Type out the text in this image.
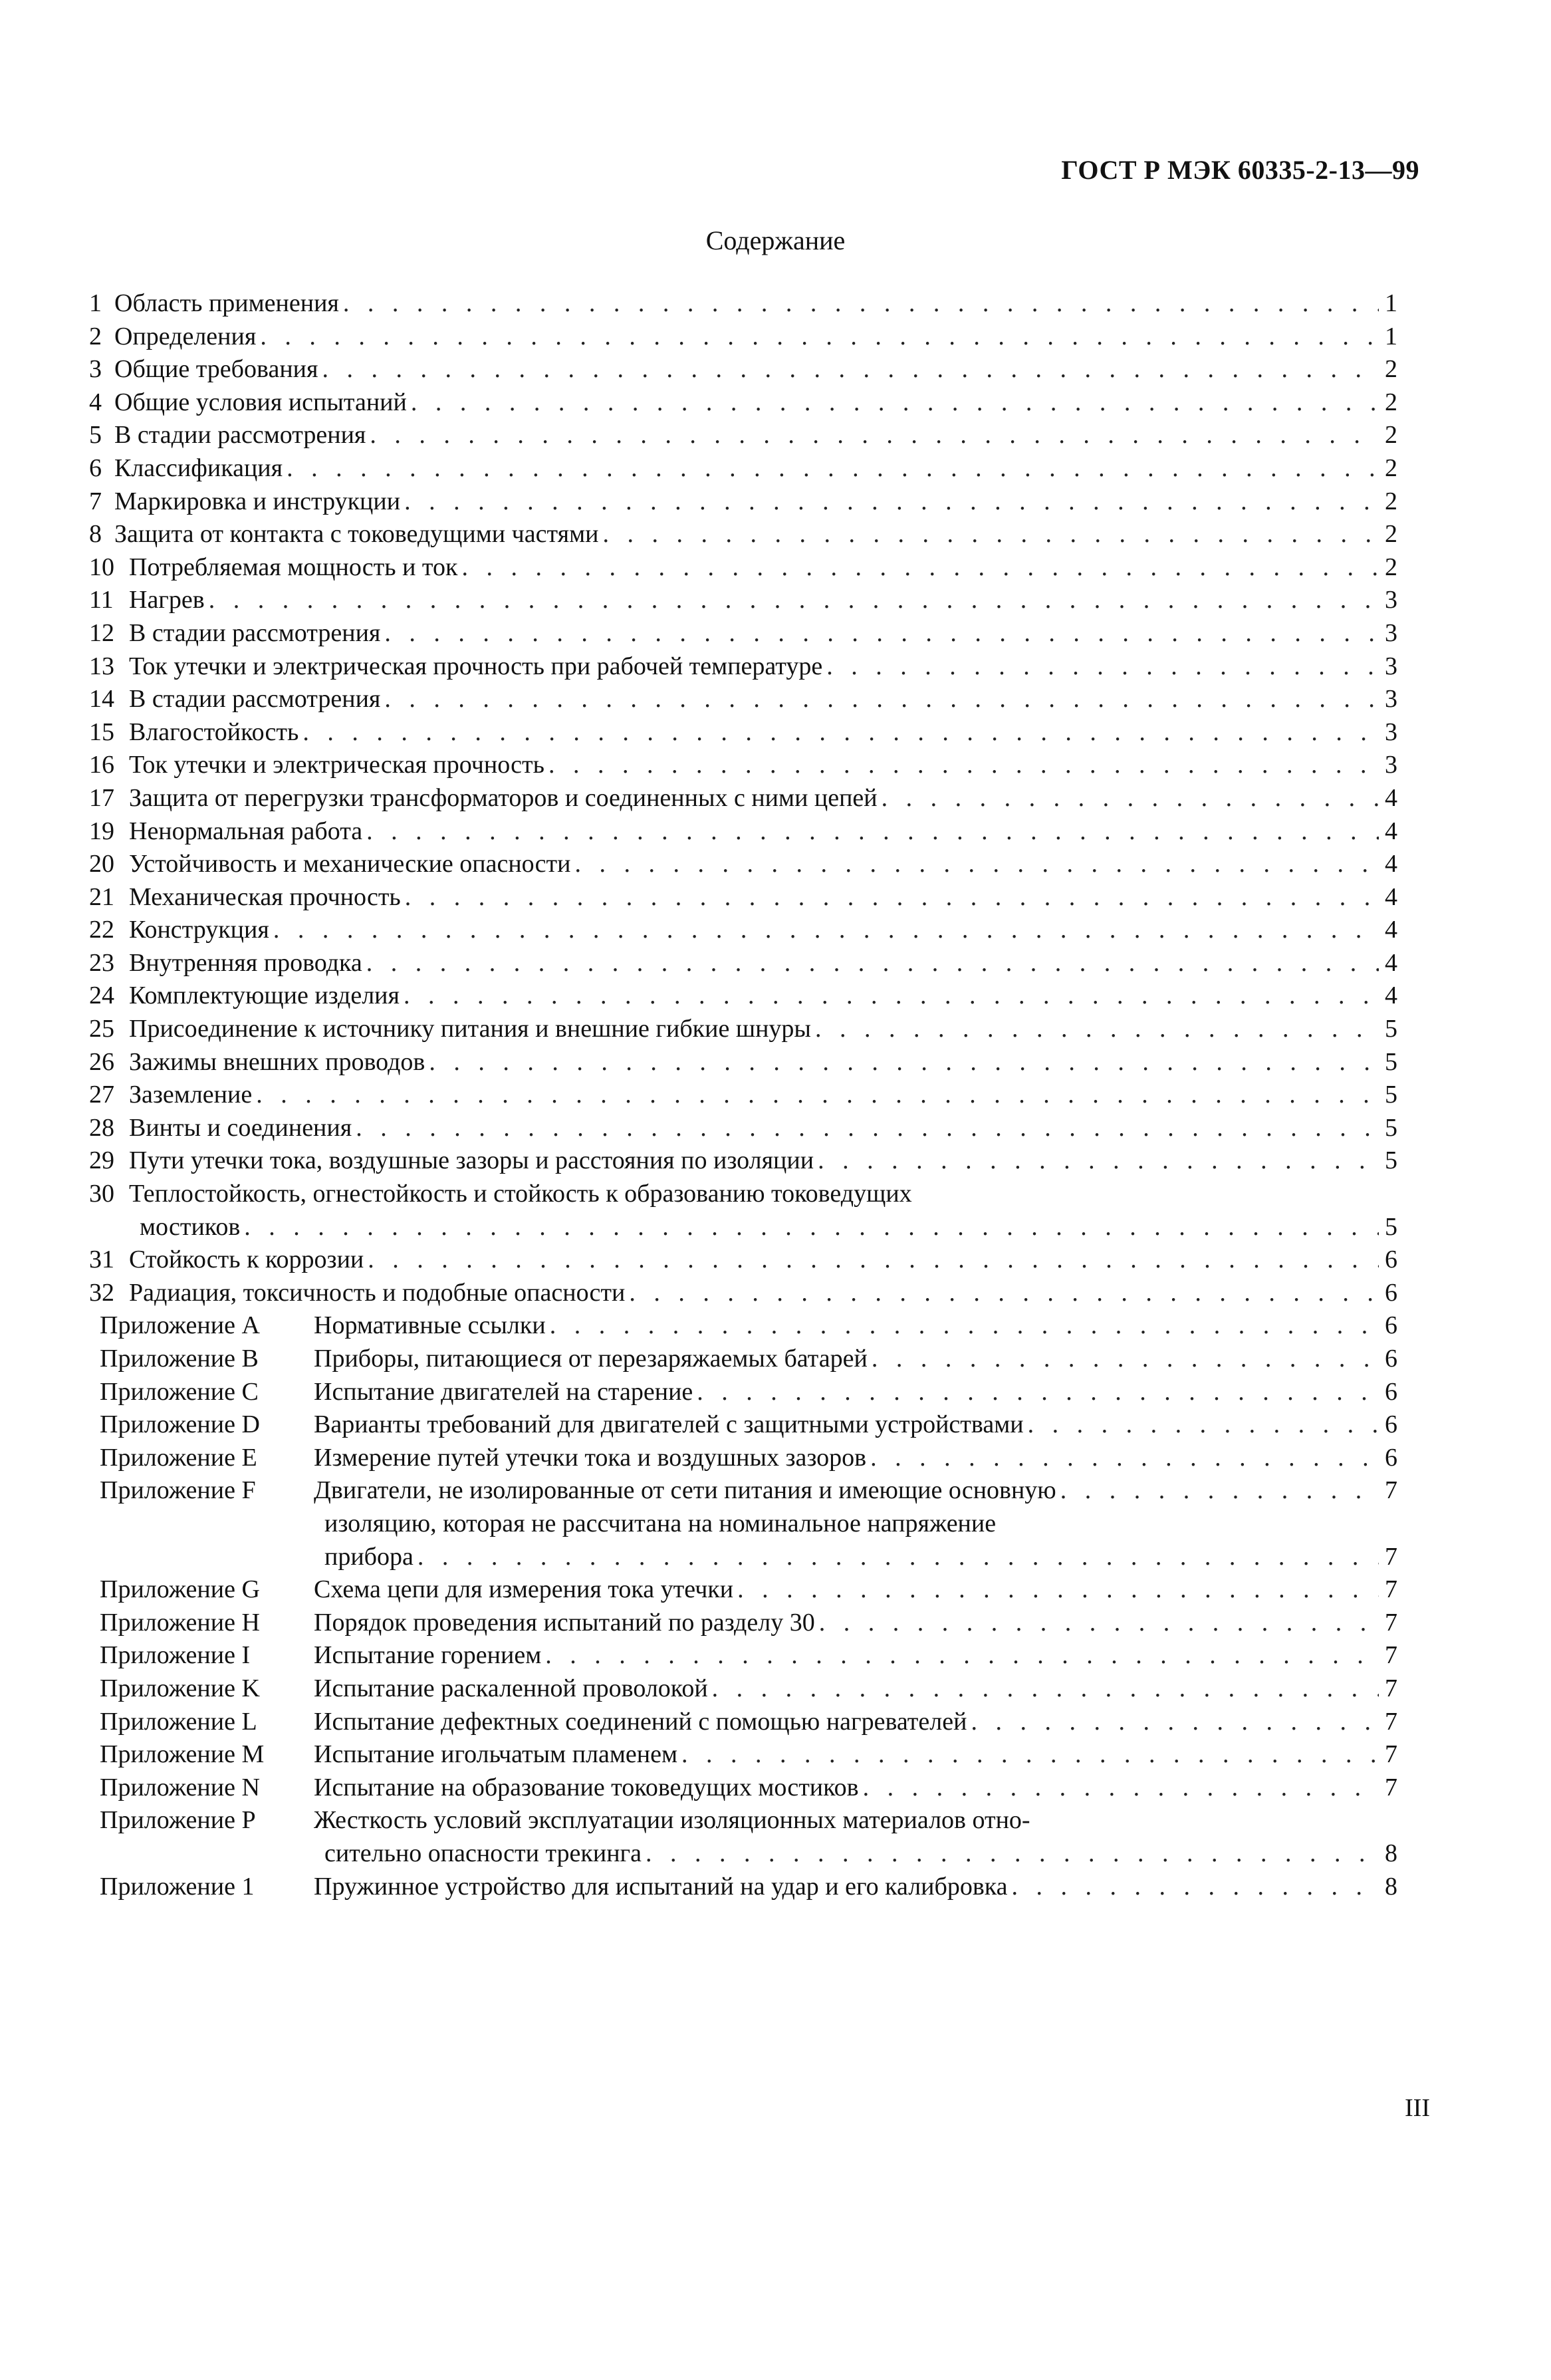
ГОСТ Р МЭК 60335-2-13—99
Содержание
1 Область применения . . .	1
2 Определения . . .	1
3 Общие требования . . .	2
4 Общие условия испытаний . . .	2
5 В стадии рассмотрения . . .	2
6 Классификация . . .	2
7 Маркировка и инструкции . . .	2
8 Защита от контакта с токоведущими частями . . .	2
10 Потребляемая мощность и ток . . .	2
11 Нагрев . . .	3
12 В стадии рассмотрения . . .	3
13 Ток утечки и электрическая прочность при рабочей температуре . . .	3
14 В стадии рассмотрения . . .	3
15 Влагостойкость . . .	3
16 Ток утечки и электрическая прочность . . .	3
17 Защита от перегрузки трансформаторов и соединенных с ними цепей . . .	4
19 Ненормальная работа . . .	4
20 Устойчивость и механические опасности . . .	4
21 Механическая прочность . . .	4
22 Конструкция . . .	4
23 Внутренняя проводка . . .	4
24 Комплектующие изделия . . .	4
25 Присоединение к источнику питания и внешние гибкие шнуры . . .	5
26 Зажимы внешних проводов . . .	5
27 Заземление . . .	5
28 Винты и соединения . . .	5
29 Пути утечки тока, воздушные зазоры и расстояния по изоляции . . .	5
30 Теплостойкость, огнестойкость и стойкость к образованию токоведущих
мостиков . . .	5
31 Стойкость к коррозии . . .	6
32 Радиация, токсичность и подобные опасности . . .	6
Приложение A	Нормативные ссылки . . .	6
Приложение B	Приборы, питающиеся от перезаряжаемых батарей . . .	6
Приложение C	Испытание двигателей на старение . . .	6
Приложение D	Варианты требований для двигателей с защитными устройствами . . .	6
Приложение E	Измерение путей утечки тока и воздушных зазоров . . .	6
Приложение F	Двигатели, не изолированные от сети питания и имеющие основную . . .	7
изоляцию, которая не рассчитана на номинальное напряжение
прибора . . .	7
Приложение G	Схема цепи для измерения тока утечки . . .	7
Приложение H	Порядок проведения испытаний по разделу 30 . . .	7
Приложение I	Испытание горением . . .	7
Приложение K	Испытание раскаленной проволокой . . .	7
Приложение L	Испытание дефектных соединений с помощью нагревателей . . .	7
Приложение M	Испытание игольчатым пламенем . . .	7
Приложение N	Испытание на образование токоведущих мостиков . . .	7
Приложение P	Жесткость условий эксплуатации изоляционных материалов отно-
сительно опасности трекинга . . .	8
Приложение 1	Пружинное устройство для испытаний на удар и его калибровка . . .	8
III
